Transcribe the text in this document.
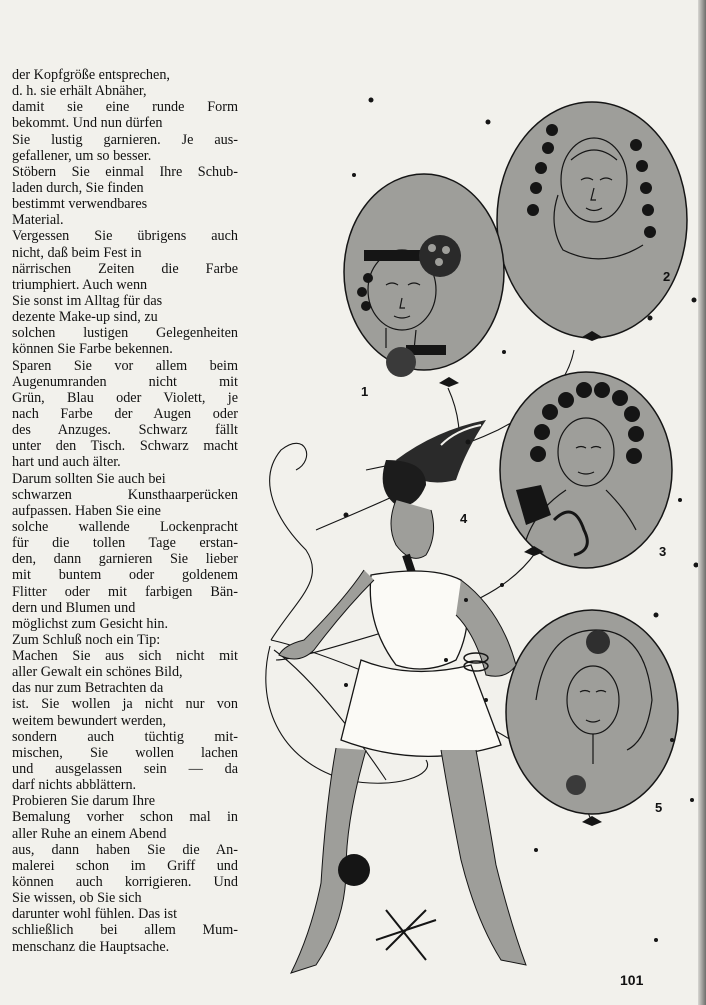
der Kopfgröße entsprechen,
d. h. sie erhält Abnäher,
damit sie eine runde Form
bekommt. Und nun dürfen
Sie lustig garnieren. Je aus-
gefallener, um so besser.
Stöbern Sie einmal Ihre Schub-
laden durch, Sie finden
bestimmt verwendbares
Material.
Vergessen Sie übrigens auch
nicht, daß beim Fest in
närrischen Zeiten die Farbe
triumphiert. Auch wenn
Sie sonst im Alltag für das
dezente Make-up sind, zu
solchen lustigen Gelegenheiten
können Sie Farbe bekennen.
Sparen Sie vor allem beim
Augenumranden nicht mit
Grün, Blau oder Violett, je
nach Farbe der Augen oder
des Anzuges. Schwarz fällt
unter den Tisch. Schwarz macht
hart und auch älter.
Darum sollten Sie auch bei
schwarzen Kunsthaarperücken
aufpassen. Haben Sie eine
solche wallende Lockenpracht
für die tollen Tage erstan-
den, dann garnieren Sie lieber
mit buntem oder goldenem
Flitter oder mit farbigen Bän-
dern und Blumen und
möglichst zum Gesicht hin.
Zum Schluß noch ein Tip:
Machen Sie aus sich nicht mit
aller Gewalt ein schönes Bild,
das nur zum Betrachten da
ist. Sie wollen ja nicht nur von
weitem bewundert werden,
sondern auch tüchtig mit-
mischen, Sie wollen lachen
und ausgelassen sein — da
darf nichts abblättern.
Probieren Sie darum Ihre
Bemalung vorher schon mal in
aller Ruhe an einem Abend
aus, dann haben Sie die An-
malerei schon im Griff und
können auch korrigieren. Und
Sie wissen, ob Sie sich
darunter wohl fühlen. Das ist
schließlich bei allem Mum-
menschanz die Hauptsache.
1
2
3
4
5
101
